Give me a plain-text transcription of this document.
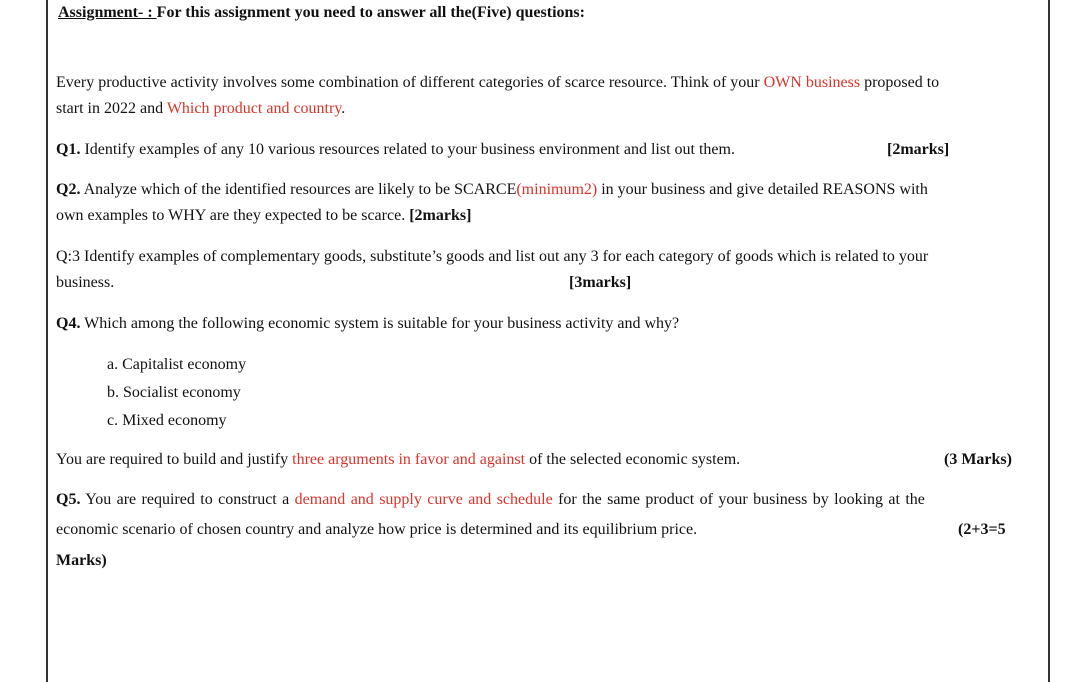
Assignment- : For this assignment you need to answer all the(Five) questions:
Every productive activity involves some combination of different categories of scarce resource. Think of your OWN business proposed to
start in 2022 and Which product and country.
Q1. Identify examples of any 10 various resources related to your business environment and list out them.	[2marks]
Q2. Analyze which of the identified resources are likely to be SCARCE(minimum2) in your business and give detailed REASONS with
own examples to WHY are they expected to be scarce. [2marks]
Q:3 Identify examples of complementary goods, substitute’s goods and list out any 3 for each category of goods which is related to your
business.	[3marks]
Q4. Which among the following economic system is suitable for your business activity and why?
a. Capitalist economy
b. Socialist economy
c. Mixed economy
You are required to build and justify three arguments in favor and against of the selected economic system.	(3 Marks)
Q5. You are required to construct a demand and supply curve and schedule for the same product of your business by looking at the
economic scenario of chosen country and analyze how price is determined and its equilibrium price.	(2+3=5
Marks)
